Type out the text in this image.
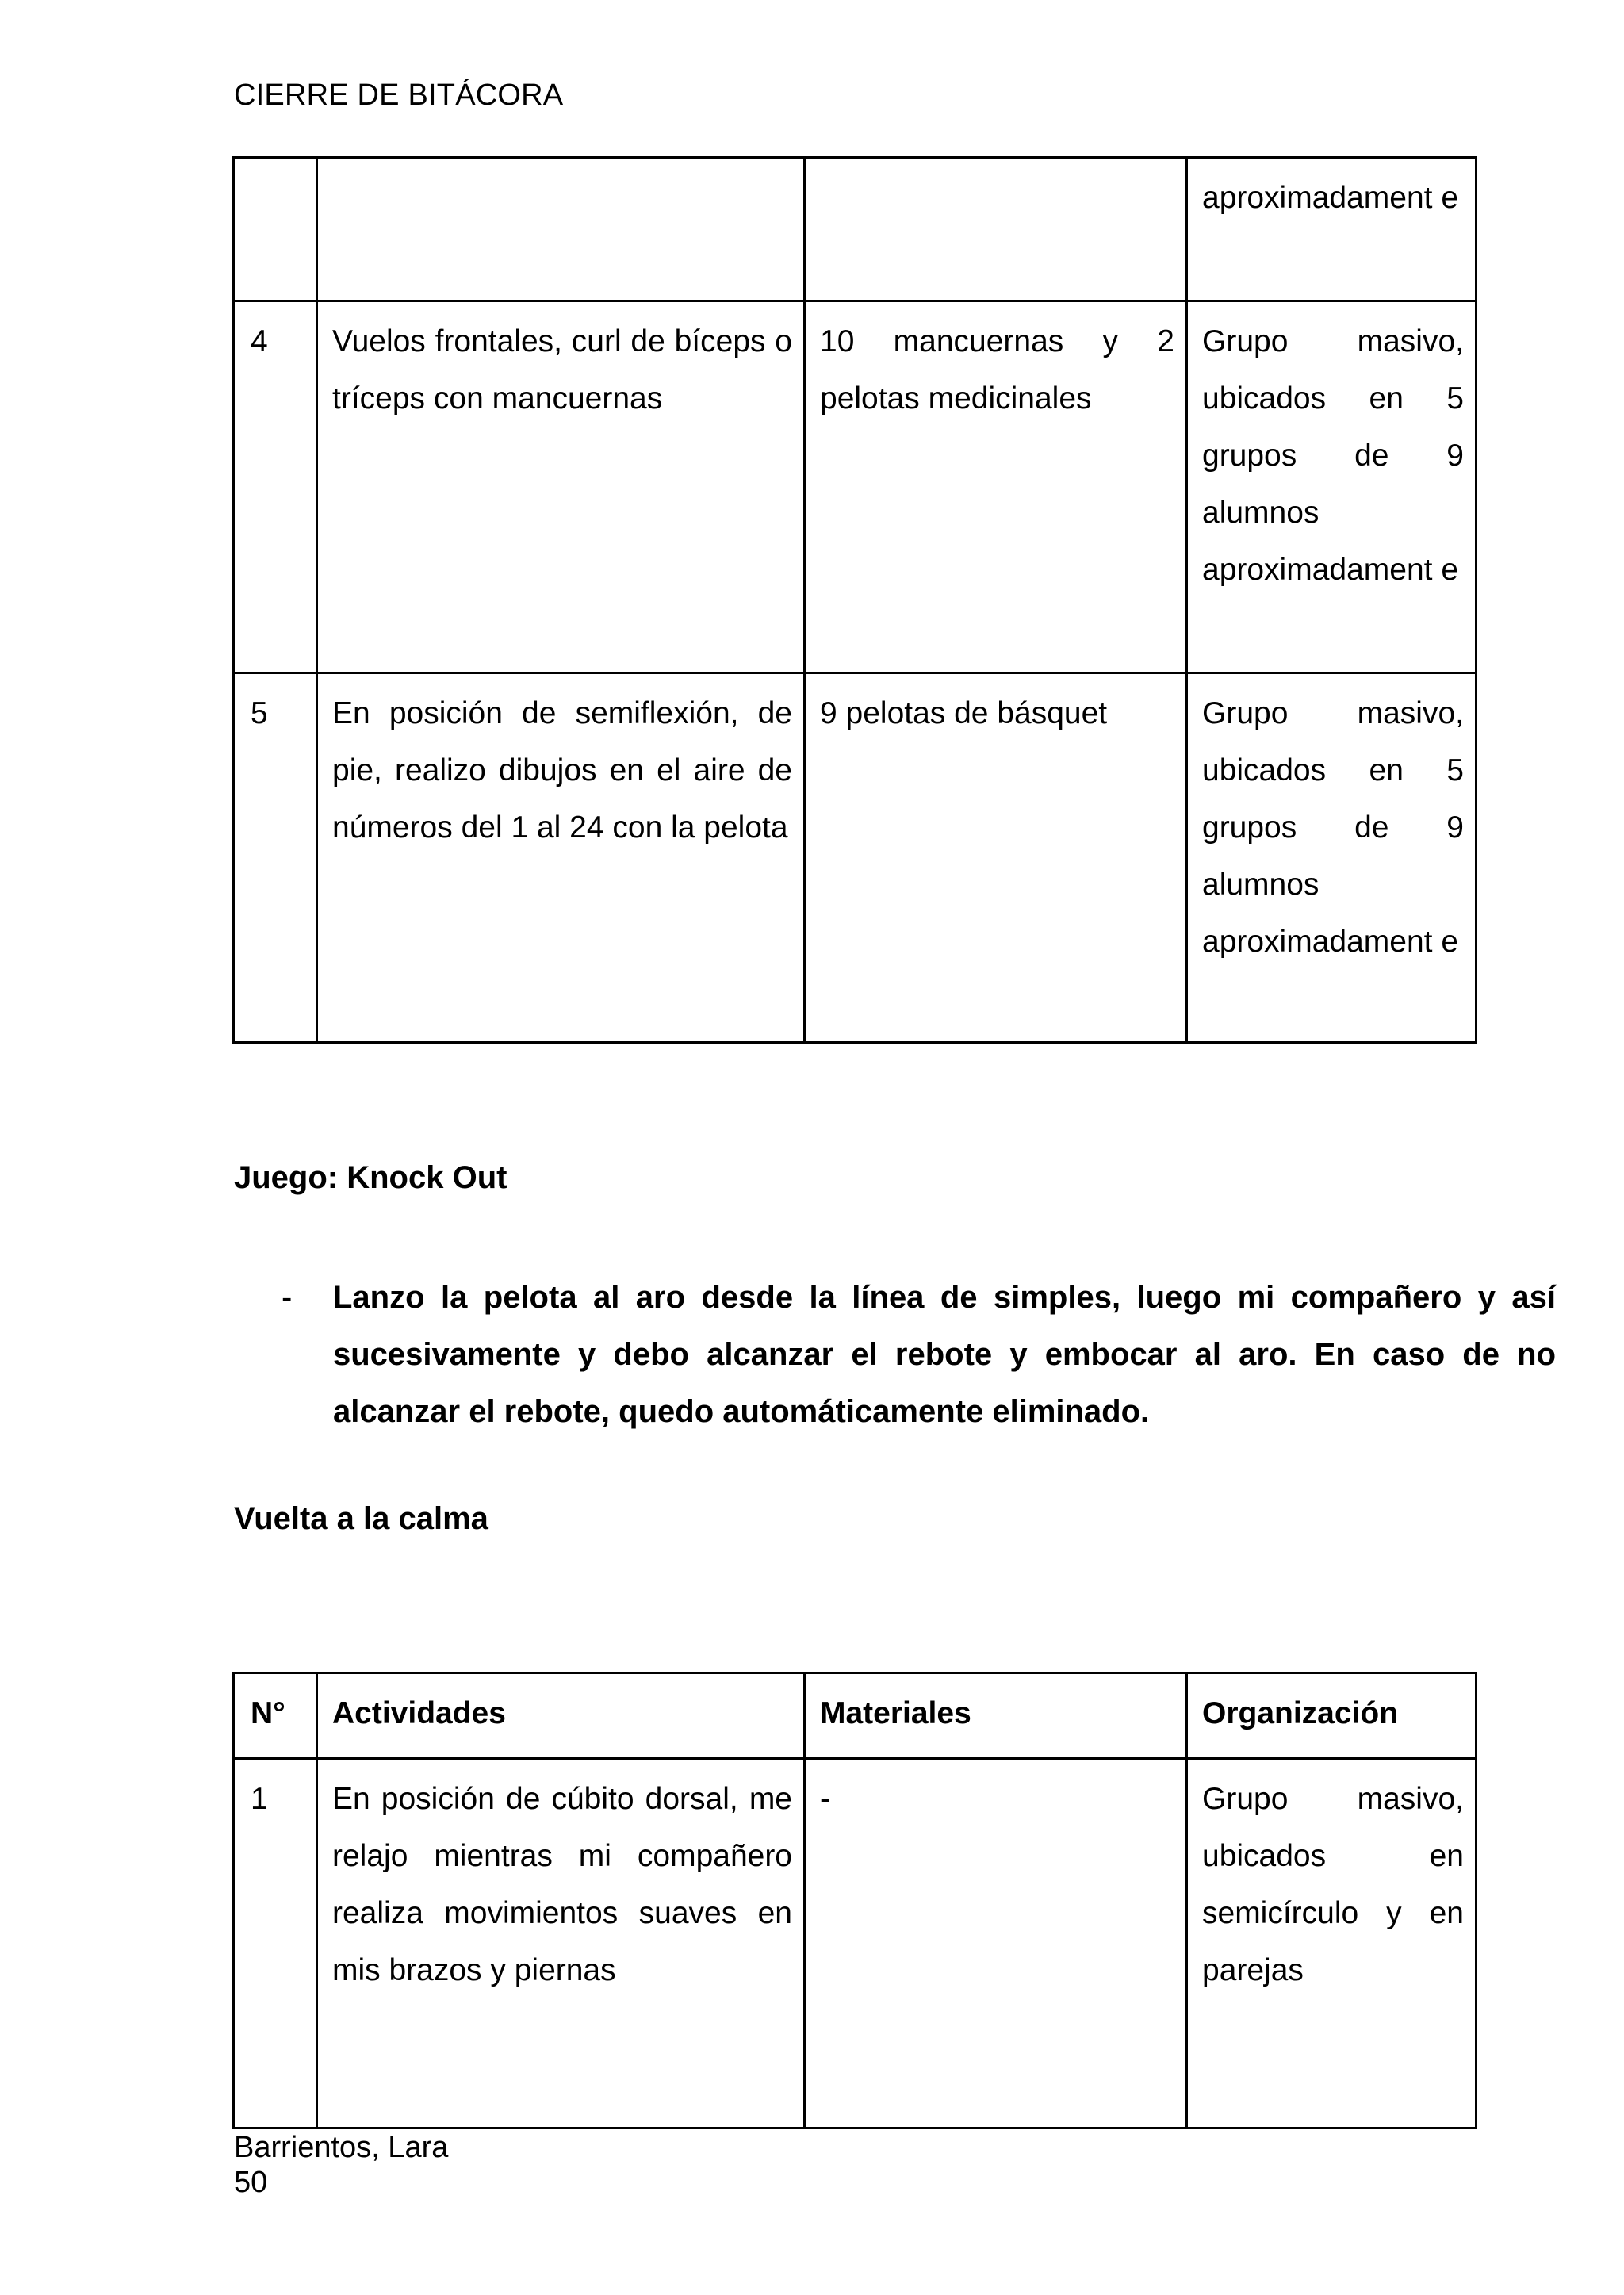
CIERRE DE BITÁCORA

			aproximadament e

4	Vuelos frontales, curl de bíceps o tríceps con mancuernas	10 mancuernas y 2 pelotas medicinales	Grupo masivo, ubicados en 5 grupos de 9 alumnos aproximadament e

5	En posición de semiflexión, de pie, realizo dibujos en el aire de números del 1 al 24 con la pelota	9 pelotas de básquet	Grupo masivo, ubicados en 5 grupos de 9 alumnos aproximadament e
Juego: Knock Out
- Lanzo la pelota al aro desde la línea de simples, luego mi compañero y así sucesivamente y debo alcanzar el rebote y embocar al aro. En caso de no alcanzar el rebote, quedo automáticamente eliminado.
Vuelta a la calma
N°	Actividades	Materiales	Organización

1	En posición de cúbito dorsal, me relajo mientras mi compañero realiza movimientos suaves en mis brazos y piernas	-	Grupo masivo, ubicados en semicírculo y en parejas
Barrientos, Lara
50
